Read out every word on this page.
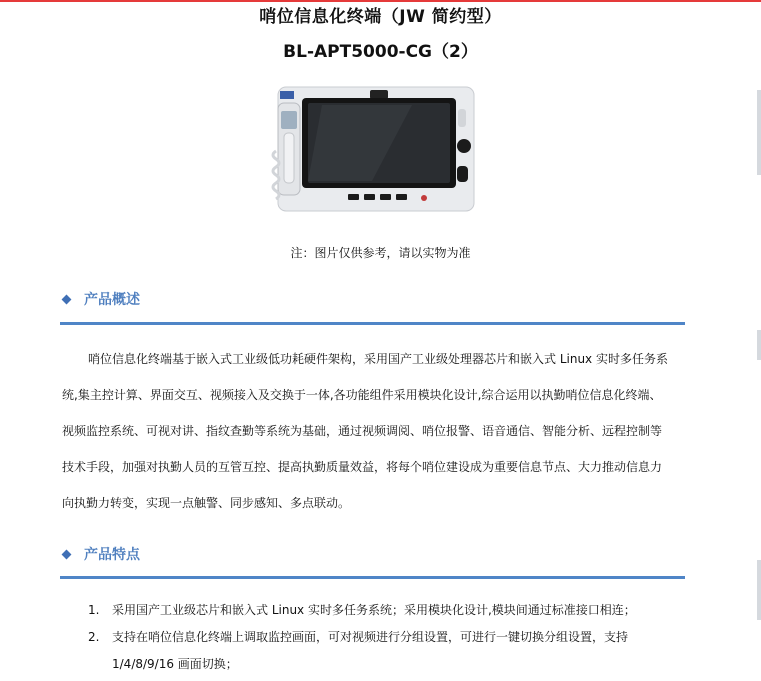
哨位信息化终端（JW 简约型）
BL-APT5000-CG（2）
注：图片仅供参考，请以实物为准
产品概述
哨位信息化终端基于嵌入式工业级低功耗硬件架构，采用国产工业级处理器芯片和嵌入式 Linux 实时多任务系
统,集主控计算、界面交互、视频接入及交换于一体,各功能组件采用模块化设计,综合运用以执勤哨位信息化终端、
视频监控系统、可视对讲、指纹查勤等系统为基础，通过视频调阅、哨位报警、语音通信、智能分析、远程控制等
技术手段，加强对执勤人员的互管互控、提高执勤质量效益，将每个哨位建设成为重要信息节点、大力推动信息力
向执勤力转变，实现一点触警、同步感知、多点联动。
产品特点
1. 采用国产工业级芯片和嵌入式 Linux 实时多任务系统；采用模块化设计,模块间通过标准接口相连；
2. 支持在哨位信息化终端上调取监控画面，可对视频进行分组设置，可进行一键切换分组设置，支持
1/4/8/9/16 画面切换；
